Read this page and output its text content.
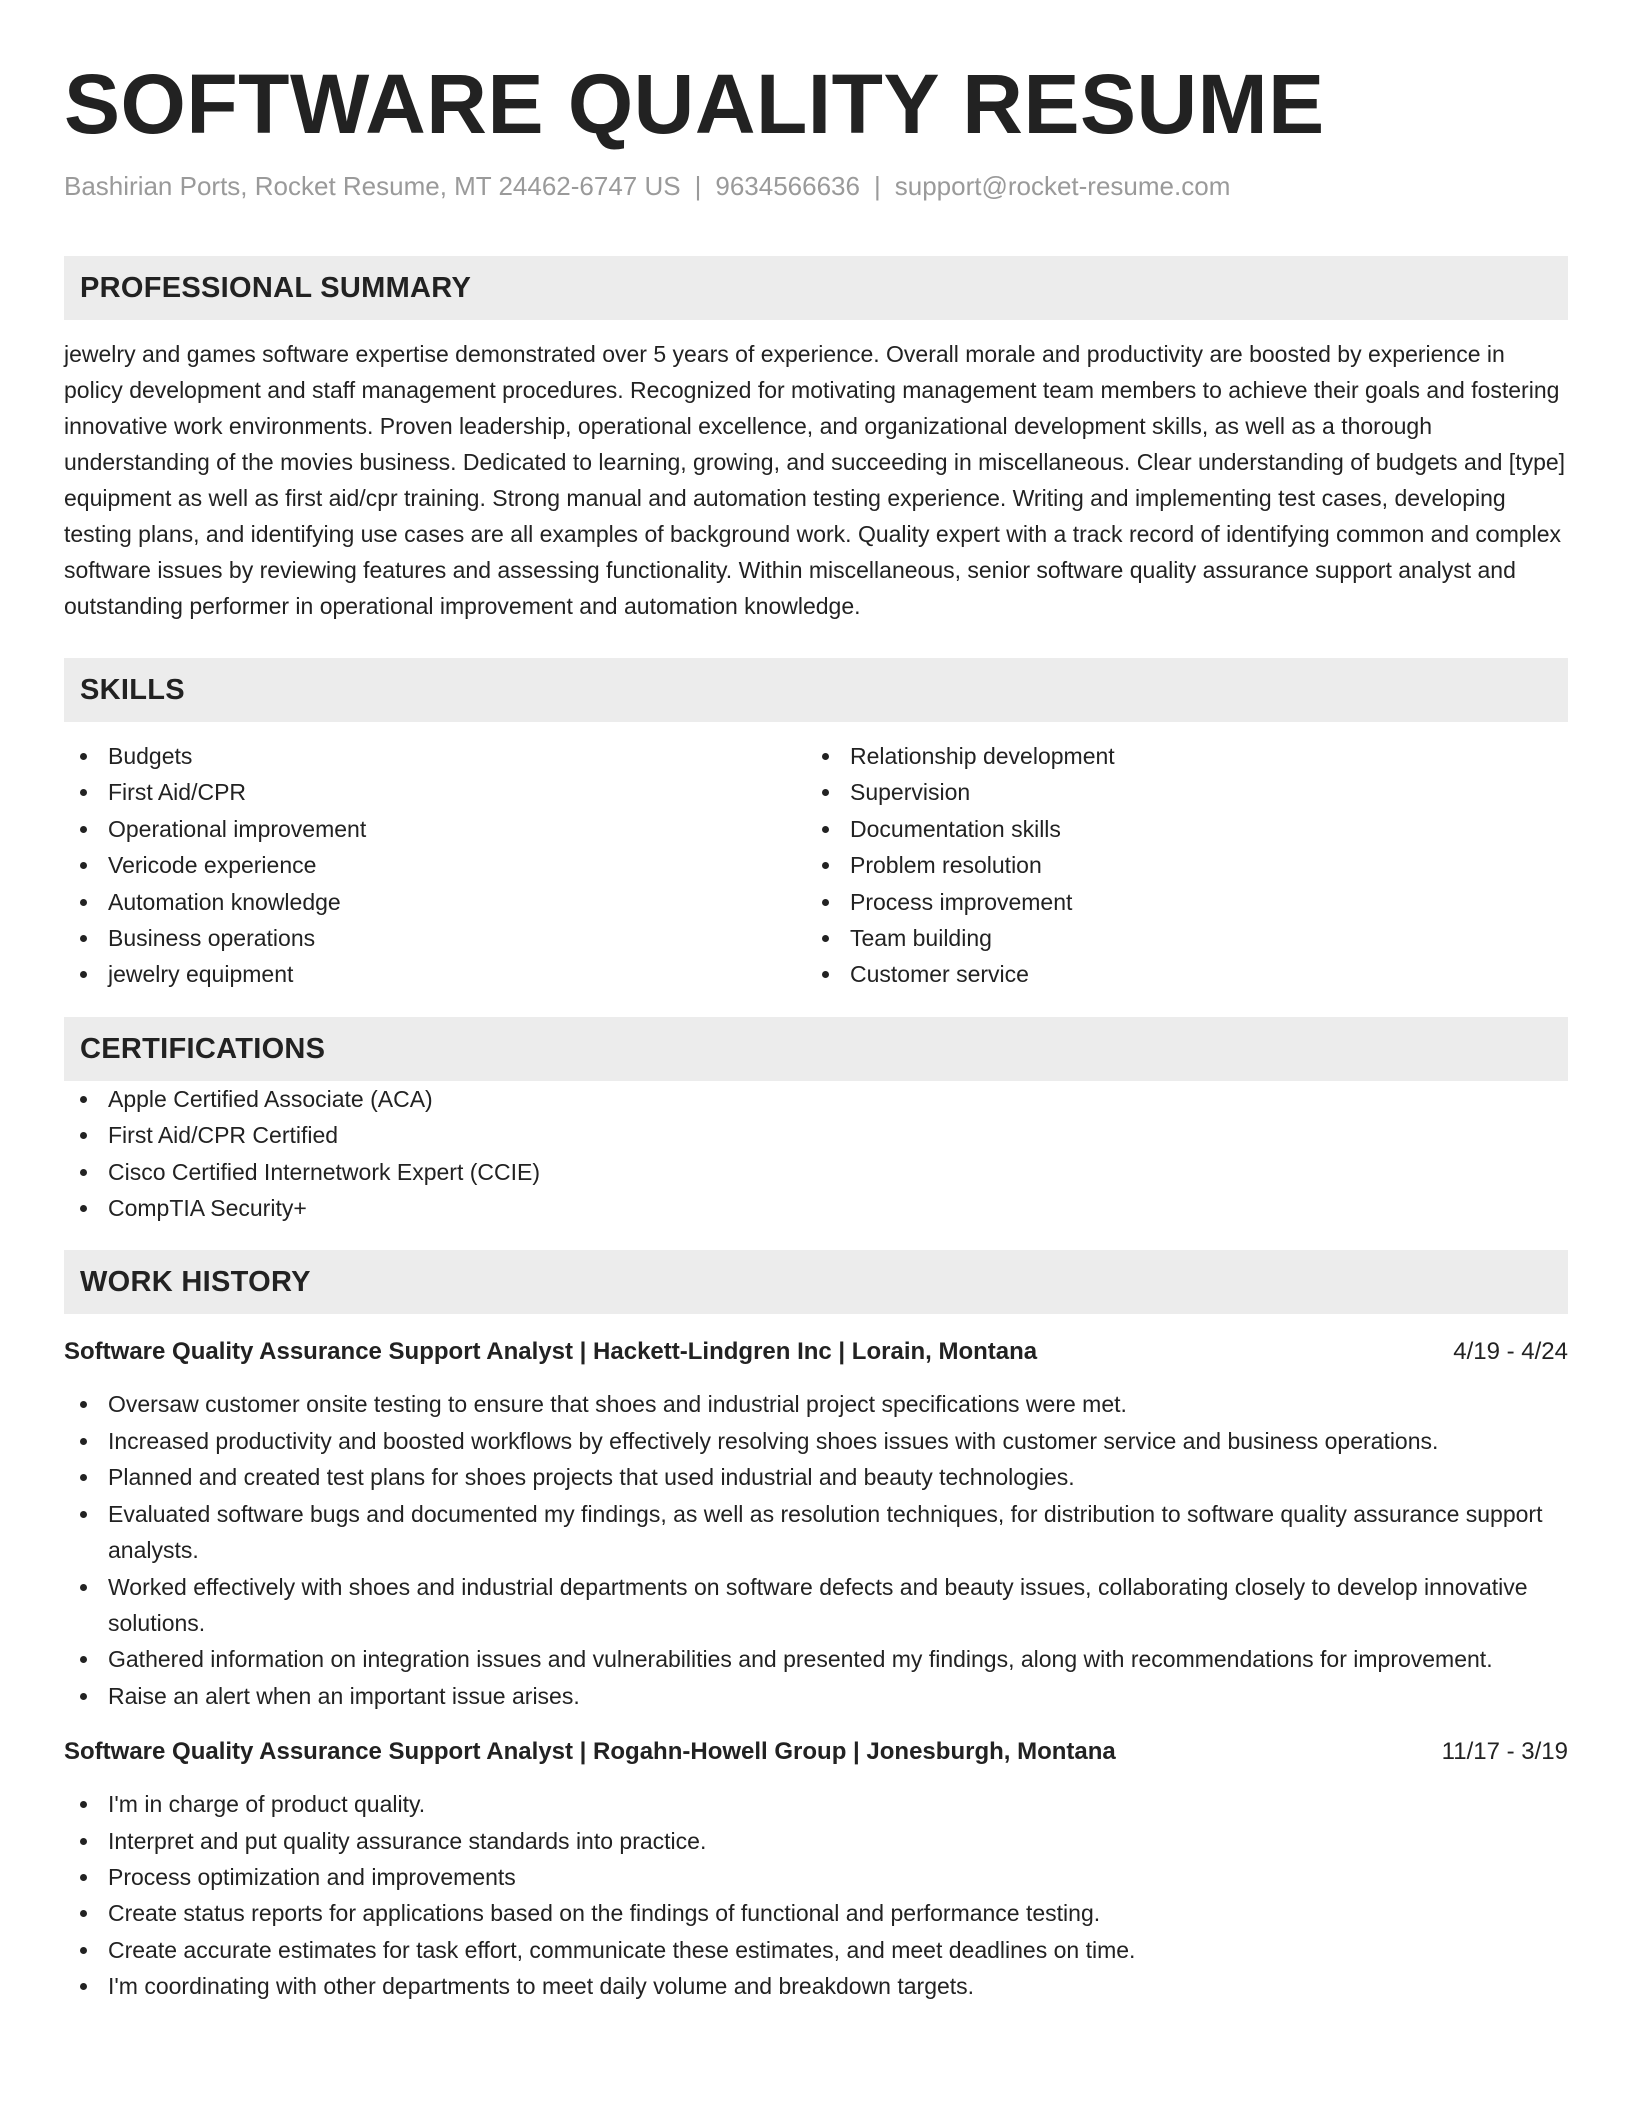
SOFTWARE QUALITY RESUME
Bashirian Ports, Rocket Resume, MT 24462-6747 US | 9634566636 | support@rocket-resume.com
PROFESSIONAL SUMMARY

jewelry and games software expertise demonstrated over 5 years of experience. Overall morale and productivity are boosted by experience in policy development and staff management procedures. Recognized for motivating management team members to achieve their goals and fostering innovative work environments. Proven leadership, operational excellence, and organizational development skills, as well as a thorough understanding of the movies business. Dedicated to learning, growing, and succeeding in miscellaneous. Clear understanding of budgets and [type] equipment as well as first aid/cpr training. Strong manual and automation testing experience. Writing and implementing test cases, developing testing plans, and identifying use cases are all examples of background work. Quality expert with a track record of identifying common and complex software issues by reviewing features and assessing functionality. Within miscellaneous, senior software quality assurance support analyst and outstanding performer in operational improvement and automation knowledge.

SKILLS
Budgets
First Aid/CPR
Operational improvement
Vericode experience
Automation knowledge
Business operations
jewelry equipment
Relationship development
Supervision
Documentation skills
Problem resolution
Process improvement
Team building
Customer service
CERTIFICATIONS
Apple Certified Associate (ACA)
First Aid/CPR Certified
Cisco Certified Internetwork Expert (CCIE)
CompTIA Security+
WORK HISTORY
Software Quality Assurance Support Analyst | Hackett-Lindgren Inc | Lorain, Montana	4/19 - 4/24
Oversaw customer onsite testing to ensure that shoes and industrial project specifications were met.
Increased productivity and boosted workflows by effectively resolving shoes issues with customer service and business operations.
Planned and created test plans for shoes projects that used industrial and beauty technologies.
Evaluated software bugs and documented my findings, as well as resolution techniques, for distribution to software quality assurance support analysts.
Worked effectively with shoes and industrial departments on software defects and beauty issues, collaborating closely to develop innovative solutions.
Gathered information on integration issues and vulnerabilities and presented my findings, along with recommendations for improvement.
Raise an alert when an important issue arises.
Software Quality Assurance Support Analyst | Rogahn-Howell Group | Jonesburgh, Montana	11/17 - 3/19
I'm in charge of product quality.
Interpret and put quality assurance standards into practice.
Process optimization and improvements
Create status reports for applications based on the findings of functional and performance testing.
Create accurate estimates for task effort, communicate these estimates, and meet deadlines on time.
I'm coordinating with other departments to meet daily volume and breakdown targets.
